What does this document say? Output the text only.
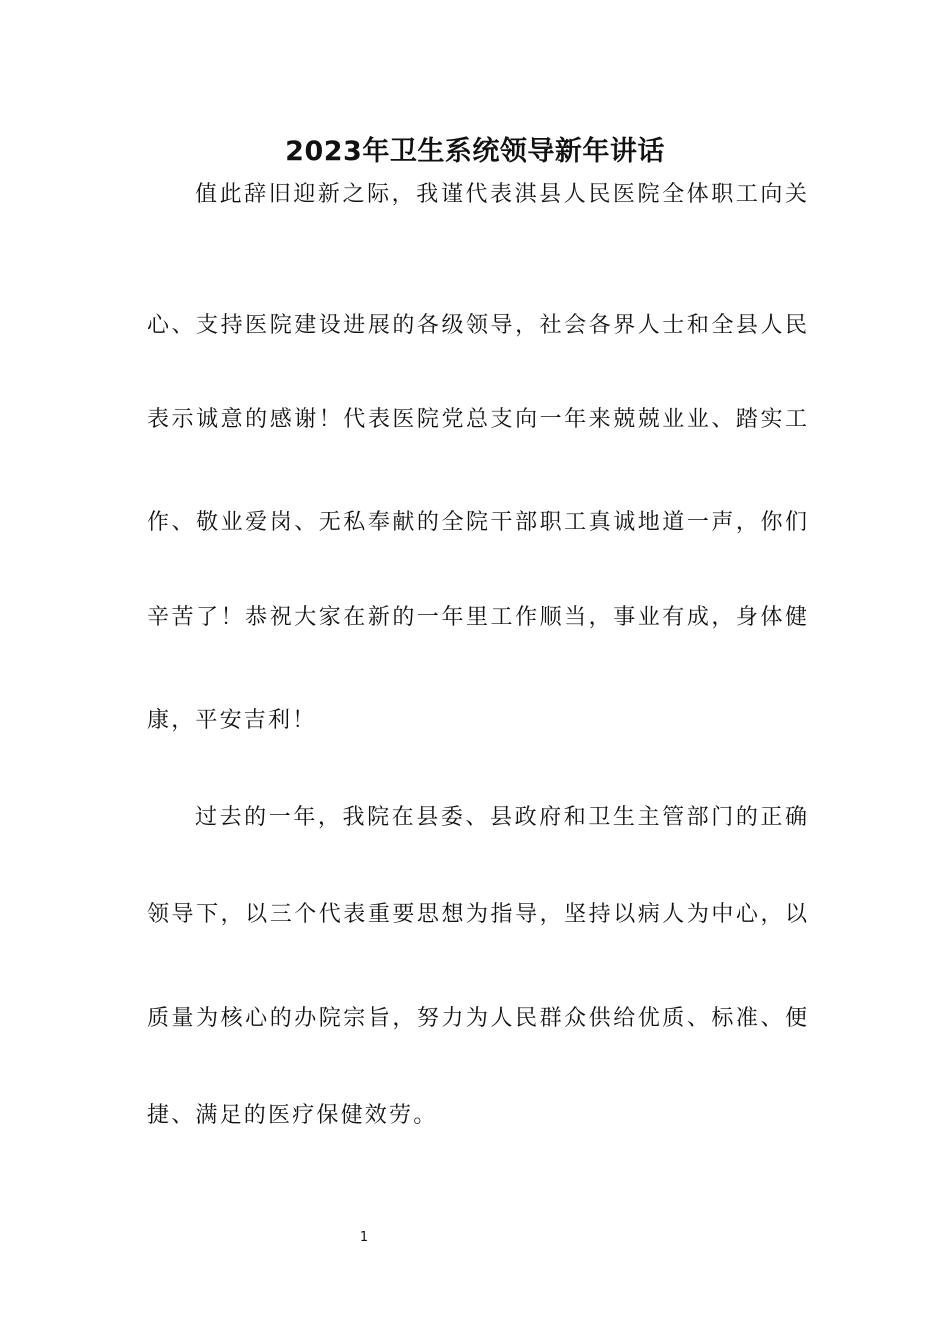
2023年卫生系统领导新年讲话
值此辞旧迎新之际，我谨代表淇县人民医院全体职工向关
心、支持医院建设进展的各级领导，社会各界人士和全县人民
表示诚意的感谢！代表医院党总支向一年来兢兢业业、踏实工
作、敬业爱岗、无私奉献的全院干部职工真诚地道一声，你们
辛苦了！恭祝大家在新的一年里工作顺当，事业有成，身体健
康，平安吉利！
过去的一年，我院在县委、县政府和卫生主管部门的正确
领导下，以三个代表重要思想为指导，坚持以病人为中心，以
质量为核心的办院宗旨，努力为人民群众供给优质、标准、便
捷、满足的医疗保健效劳。
1
